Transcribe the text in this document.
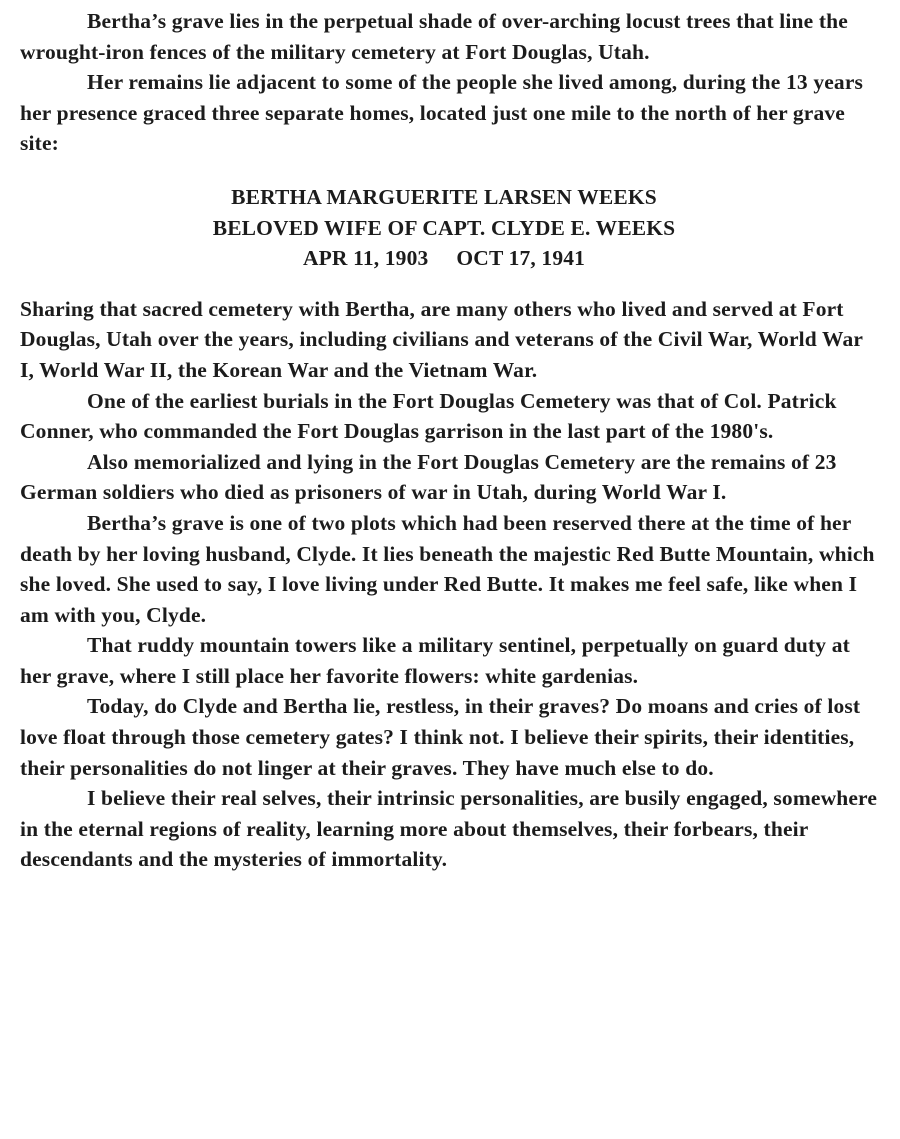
Bertha’s grave lies in the perpetual shade of over-arching locust trees that line the wrought-iron fences of the military cemetery at Fort Douglas, Utah.

Her remains lie adjacent to some of the people she lived among, during the 13 years her presence graced three separate homes, located just one mile to the north of her grave site:

BERTHA MARGUERITE LARSEN WEEKS
BELOVED WIFE OF CAPT. CLYDE E. WEEKS
APR 11, 1903 OCT 17, 1941

Sharing that sacred cemetery with Bertha, are many others who lived and served at Fort Douglas, Utah over the years, including civilians and veterans of the Civil War, World War I, World War II, the Korean War and the Vietnam War.

One of the earliest burials in the Fort Douglas Cemetery was that of Col. Patrick Conner, who commanded the Fort Douglas garrison in the last part of the 1980's.

Also memorialized and lying in the Fort Douglas Cemetery are the remains of 23 German soldiers who died as prisoners of war in Utah, during World War I.

Bertha’s grave is one of two plots which had been reserved there at the time of her death by her loving husband, Clyde. It lies beneath the majestic Red Butte Mountain, which she loved. She used to say, I love living under Red Butte. It makes me feel safe, like when I am with you, Clyde.

That ruddy mountain towers like a military sentinel, perpetually on guard duty at her grave, where I still place her favorite flowers: white gardenias.

Today, do Clyde and Bertha lie, restless, in their graves? Do moans and cries of lost love float through those cemetery gates? I think not. I believe their spirits, their identities, their personalities do not linger at their graves. They have much else to do.

I believe their real selves, their intrinsic personalities, are busily engaged, somewhere in the eternal regions of reality, learning more about themselves, their forbears, their descendants and the mysteries of immortality.
